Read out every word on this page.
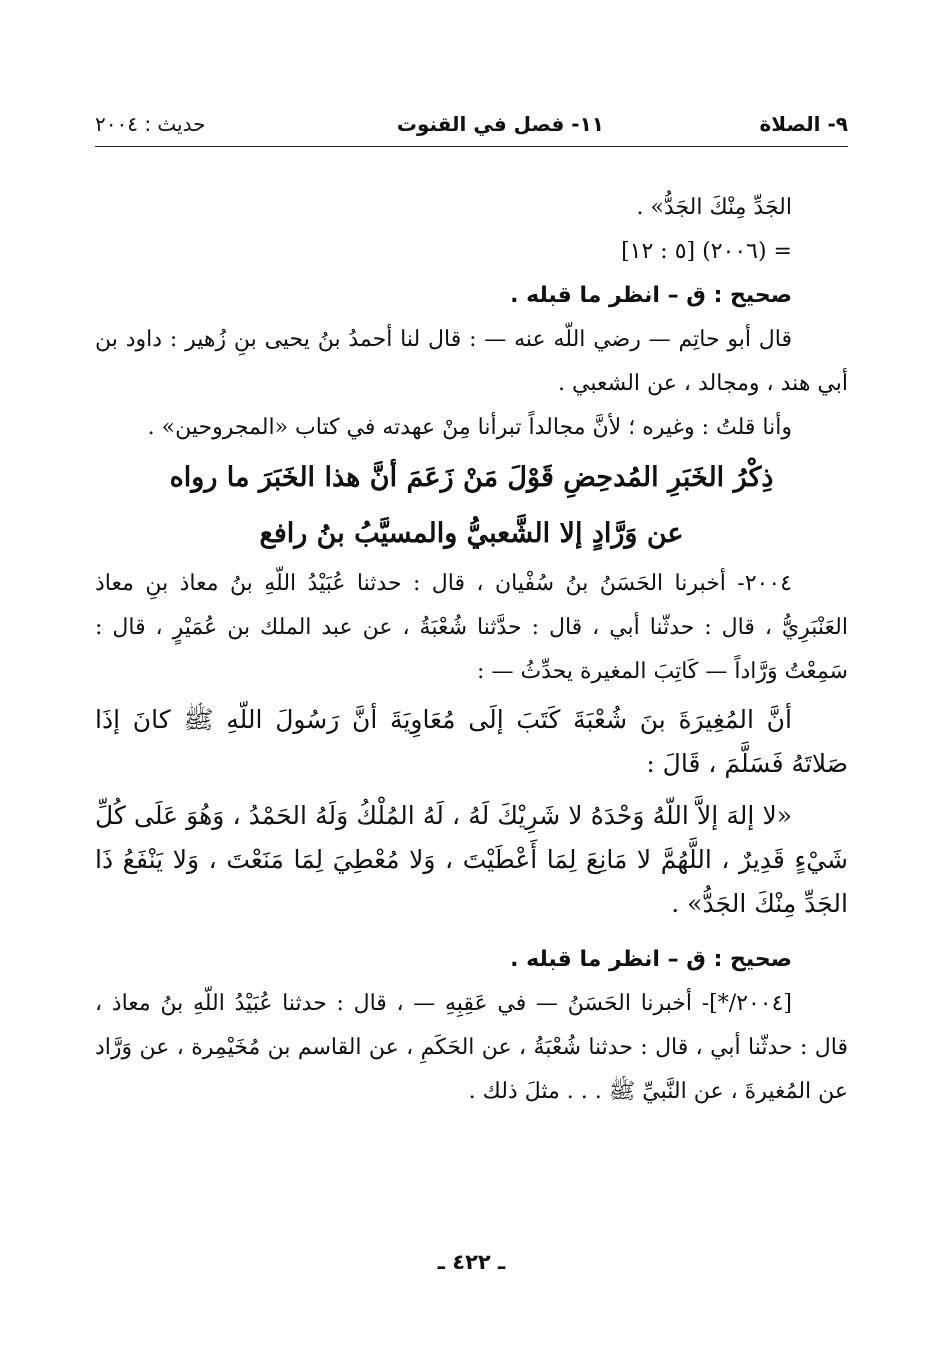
٩- الصلاة
١١- فصل في القنوت
حديث : ٢٠٠٤
الجَدِّ مِنْكَ الجَدُّ» .
= (٢٠٠٦) [٥ : ١٢]
صحيح : ق – انظر ما قبله .
قال أبو حاتِم — رضي اللّه عنه — : قال لنا أحمدُ بنُ يحيى بنِ زُهير : داود بن
أبي هند ، ومجالد ، عن الشعبي .
وأنا قلتُ : وغيره ؛ لأنَّ مجالداً تبرأنا مِنْ عهدته في كتاب «المجروحين» .
ذِكْرُ الخَبَرِ المُدحِضِ قَوْلَ مَنْ زَعَمَ أنَّ هذا الخَبَرَ ما رواه
عن وَرَّادٍ إلا الشَّعبيُّ والمسيَّبُ بنُ رافع
٢٠٠٤- أخبرنا الحَسَنُ بنُ سُفْيان ، قال : حدثنا عُبَيْدُ اللّهِ بنُ معاذ بنِ معاذ
العَنْبَرِيُّ ، قال : حدثّنا أبي ، قال : حدَّثنا شُعْبَةُ ، عن عبد الملك بن عُمَيْرٍ ، قال :
سَمِعْتُ وَرَّاداً — كَاتِبَ المغيرة يحدِّثُ — :
أنَّ المُغِيرَةَ بنَ شُعْبَةَ كَتَبَ إلَى مُعَاوِيَةَ أنَّ رَسُولَ اللّهِ ﷺ كانَ إذَا
صَلاتَهُ فَسَلَّمَ ، قَالَ :
«لا إلهَ إلاَّ اللّهُ وَحْدَهُ لا شَرِيْكَ لَهُ ، لَهُ المُلْكُ وَلَهُ الحَمْدُ ، وَهُوَ عَلَى كُلِّ
شَيْءٍ قَدِيرٌ ، اللَّهُمَّ لا مَانِعَ لِمَا أَعْطَيْتَ ، وَلا مُعْطِيَ لِمَا مَنَعْتَ ، وَلا يَنْفَعُ ذَا
الجَدِّ مِنْكَ الجَدُّ» .
صحيح : ق – انظر ما قبله .
[٢٠٠٤/*]- أخبرنا الحَسَنُ — في عَقِبِهِ — ، قال : حدثنا عُبَيْدُ اللّهِ بنُ معاذ ،
قال : حدثّنا أبي ، قال : حدثنا شُعْبَةُ ، عن الحَكَمِ ، عن القاسم بن مُخَيْمِرة ، عن وَرَّاد
عن المُغيرةَ ، عن النَّبيِّ ﷺ . . . مثلَ ذلك .
ـ ٤٢٢ ـ
